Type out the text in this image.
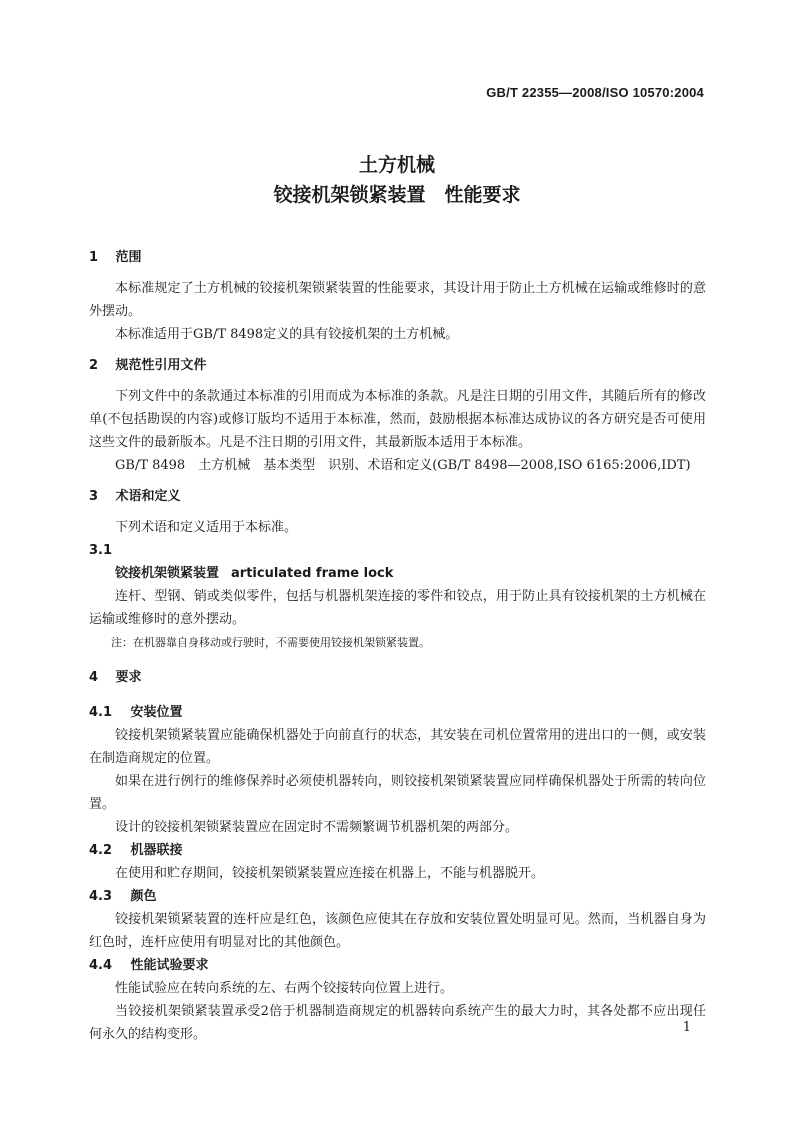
GB/T 22355—2008/ISO 10570:2004
土方机械
铰接机架锁紧装置　性能要求
1 范围
本标准规定了土方机械的铰接机架锁紧装置的性能要求，其设计用于防止土方机械在运输或维修时的意外摆动。
本标准适用于GB/T 8498定义的具有铰接机架的土方机械。
2 规范性引用文件
下列文件中的条款通过本标准的引用而成为本标准的条款。凡是注日期的引用文件，其随后所有的修改单(不包括勘误的内容)或修订版均不适用于本标准，然而，鼓励根据本标准达成协议的各方研究是否可使用这些文件的最新版本。凡是不注日期的引用文件，其最新版本适用于本标准。
GB/T 8498　土方机械　基本类型　识别、术语和定义(GB/T 8498—2008,ISO 6165:2006,IDT)
3 术语和定义
下列术语和定义适用于本标准。
3.1
铰接机架锁紧装置 articulated frame lock
连杆、型钢、销或类似零件，包括与机器机架连接的零件和铰点，用于防止具有铰接机架的土方机械在运输或维修时的意外摆动。
注：在机器靠自身移动或行驶时，不需要使用铰接机架锁紧装置。
4 要求
4.1 安装位置
铰接机架锁紧装置应能确保机器处于向前直行的状态，其安装在司机位置常用的进出口的一侧，或安装在制造商规定的位置。
如果在进行例行的维修保养时必须使机器转向，则铰接机架锁紧装置应同样确保机器处于所需的转向位置。
设计的铰接机架锁紧装置应在固定时不需频繁调节机器机架的两部分。
4.2 机器联接
在使用和贮存期间，铰接机架锁紧装置应连接在机器上，不能与机器脱开。
4.3 颜色
铰接机架锁紧装置的连杆应是红色，该颜色应使其在存放和安装位置处明显可见。然而，当机器自身为红色时，连杆应使用有明显对比的其他颜色。
4.4 性能试验要求
性能试验应在转向系统的左、右两个铰接转向位置上进行。
当铰接机架锁紧装置承受2倍于机器制造商规定的机器转向系统产生的最大力时，其各处都不应出现任何永久的结构变形。	1
